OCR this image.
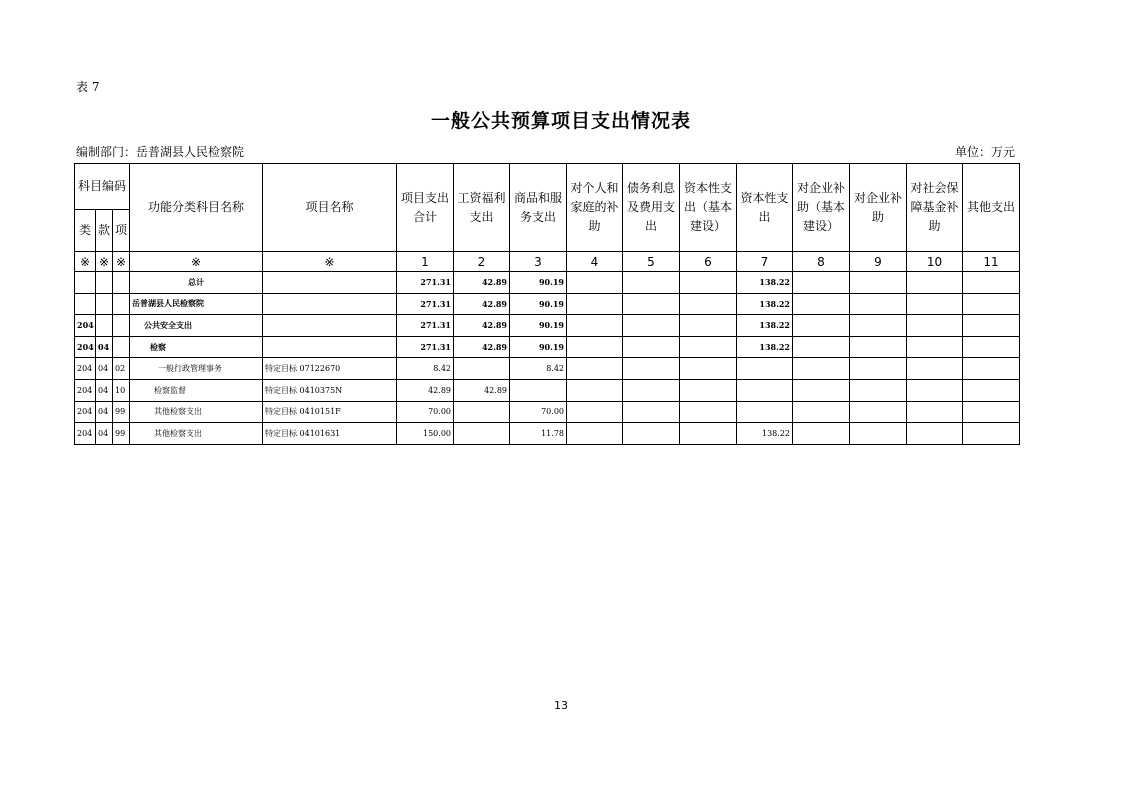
表 7
一般公共预算项目支出情况表
编制部门：岳普湖县人民检察院	单位：万元
科目编码			功能分类科目名称	项目名称	项目支出合计	工资福利支出	商品和服务支出	对个人和家庭的补助	债务利息及费用支出	资本性支出（基本建设）	资本性支出	对企业补助（基本建设）	对企业补助	对社会保障基金补助	其他支出
类	款	项													
※	※	※	※	※	1	2	3	4	5	6	7	8	9	10	11
			总计		271.31	42.89	90.19				138.22				
			岳普湖县人民检察院		271.31	42.89	90.19				138.22				
204			公共安全支出		271.31	42.89	90.19				138.22				
204	04		检察		271.31	42.89	90.19				138.22				
204	04	02	一般行政管理事务	特定目标 07122670	8.42		8.42								
204	04	10	检察监督	特定目标 0410375N	42.89	42.89									
204	04	99	其他检察支出	特定目标 0410151F	70.00		70.00								
204	04	99	其他检察支出	特定目标 04101631	150.00		11.78				138.22				
13
